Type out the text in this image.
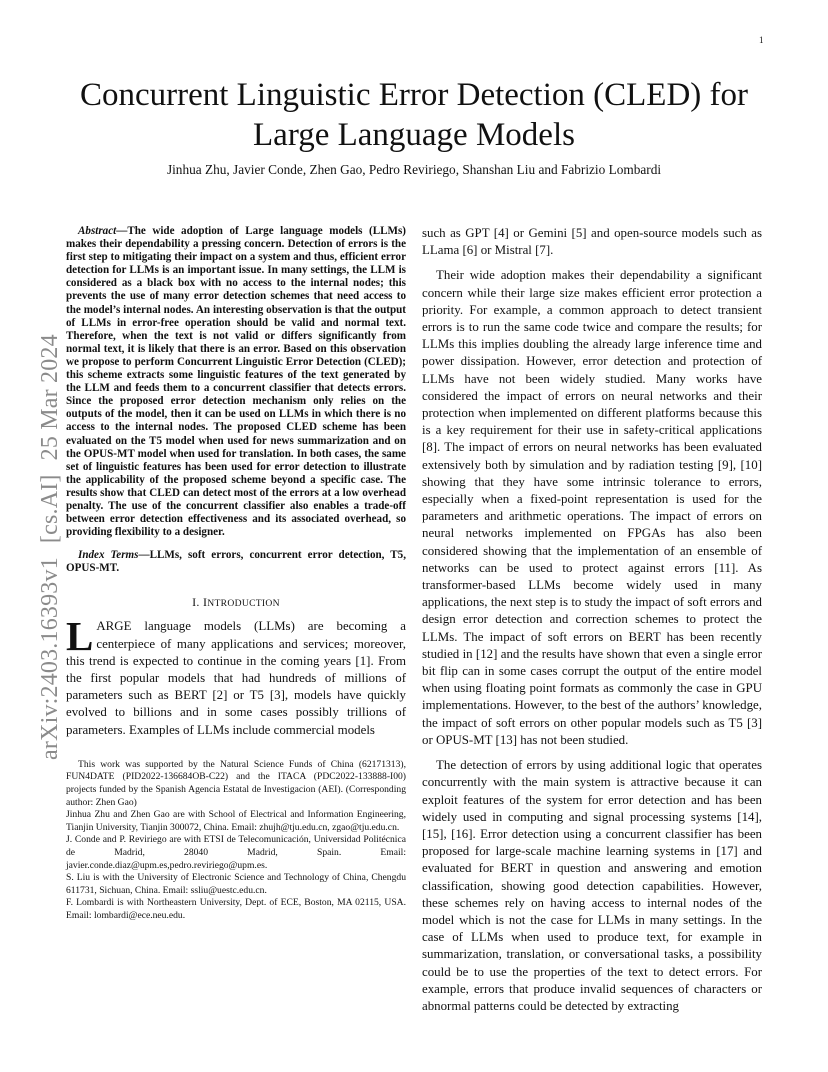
1
arXiv:2403.16393v1[cs.AI]25 Mar 2024
Concurrent Linguistic Error Detection (CLED) for Large Language Models

Jinhua Zhu, Javier Conde, Zhen Gao, Pedro Reviriego, Shanshan Liu and Fabrizio Lombardi

Abstract—The wide adoption of Large language models (LLMs) makes their dependability a pressing concern. Detection of errors is the first step to mitigating their impact on a system and thus, efficient error detection for LLMs is an important issue. In many settings, the LLM is considered as a black box with no access to the internal nodes; this prevents the use of many error detection schemes that need access to the model’s internal nodes. An interesting observation is that the output of LLMs in error-free operation should be valid and normal text. Therefore, when the text is not valid or differs significantly from normal text, it is likely that there is an error. Based on this observation we propose to perform Concurrent Linguistic Error Detection (CLED); this scheme extracts some linguistic features of the text generated by the LLM and feeds them to a concurrent classifier that detects errors. Since the proposed error detection mechanism only relies on the outputs of the model, then it can be used on LLMs in which there is no access to the internal nodes. The proposed CLED scheme has been evaluated on the T5 model when used for news summarization and on the OPUS-MT model when used for translation. In both cases, the same set of linguistic features has been used for error detection to illustrate the applicability of the proposed scheme beyond a specific case. The results show that CLED can detect most of the errors at a low overhead penalty. The use of the concurrent classifier also enables a trade-off between error detection effectiveness and its associated overhead, so providing flexibility to a designer.

Index Terms—LLMs, soft errors, concurrent error detection, T5, OPUS-MT.

I. INTRODUCTION

LARGE language models (LLMs) are becoming a centerpiece of many applications and services; moreover, this trend is expected to continue in the coming years [1]. From the first popular models that had hundreds of millions of parameters such as BERT [2] or T5 [3], models have quickly evolved to billions and in some cases possibly trillions of parameters. Examples of LLMs include commercial models

This work was supported by the Natural Science Funds of China (62171313), FUN4DATE (PID2022-136684OB-C22) and the ITACA (PDC2022-133888-I00) projects funded by the Spanish Agencia Estatal de Investigacion (AEI). (Corresponding author: Zhen Gao)

Jinhua Zhu and Zhen Gao are with School of Electrical and Information Engineering, Tianjin University, Tianjin 300072, China. Email: zhujh@tju.edu.cn, zgao@tju.edu.cn.

J. Conde and P. Reviriego are with ETSI de Telecomunicación, Universidad Politécnica de Madrid, 28040 Madrid, Spain. Email: javier.conde.diaz@upm.es,pedro.reviriego@upm.es.

S. Liu is with the University of Electronic Science and Technology of China, Chengdu 611731, Sichuan, China. Email: ssliu@uestc.edu.cn.

F. Lombardi is with Northeastern University, Dept. of ECE, Boston, MA 02115, USA. Email: lombardi@ece.neu.edu.

such as GPT [4] or Gemini [5] and open-source models such as LLama [6] or Mistral [7].

Their wide adoption makes their dependability a significant concern while their large size makes efficient error protection a priority. For example, a common approach to detect transient errors is to run the same code twice and compare the results; for LLMs this implies doubling the already large inference time and power dissipation. However, error detection and protection of LLMs have not been widely studied. Many works have considered the impact of errors on neural networks and their protection when implemented on different platforms because this is a key requirement for their use in safety-critical applications [8]. The impact of errors on neural networks has been evaluated extensively both by simulation and by radiation testing [9], [10] showing that they have some intrinsic tolerance to errors, especially when a fixed-point representation is used for the parameters and arithmetic operations. The impact of errors on neural networks implemented on FPGAs has also been considered showing that the implementation of an ensemble of networks can be used to protect against errors [11]. As transformer-based LLMs become widely used in many applications, the next step is to study the impact of soft errors and design error detection and correction schemes to protect the LLMs. The impact of soft errors on BERT has been recently studied in [12] and the results have shown that even a single error bit flip can in some cases corrupt the output of the entire model when using floating point formats as commonly the case in GPU implementations. However, to the best of the authors’ knowledge, the impact of soft errors on other popular models such as T5 [3] or OPUS-MT [13] has not been studied.

The detection of errors by using additional logic that operates concurrently with the main system is attractive because it can exploit features of the system for error detection and has been widely used in computing and signal processing systems [14], [15], [16]. Error detection using a concurrent classifier has been proposed for large-scale machine learning systems in [17] and evaluated for BERT in question and answering and emotion classification, showing good detection capabilities. However, these schemes rely on having access to internal nodes of the model which is not the case for LLMs in many settings. In the case of LLMs when used to produce text, for example in summarization, translation, or conversational tasks, a possibility could be to use the properties of the text to detect errors. For example, errors that produce invalid sequences of characters or abnormal patterns could be detected by extracting
